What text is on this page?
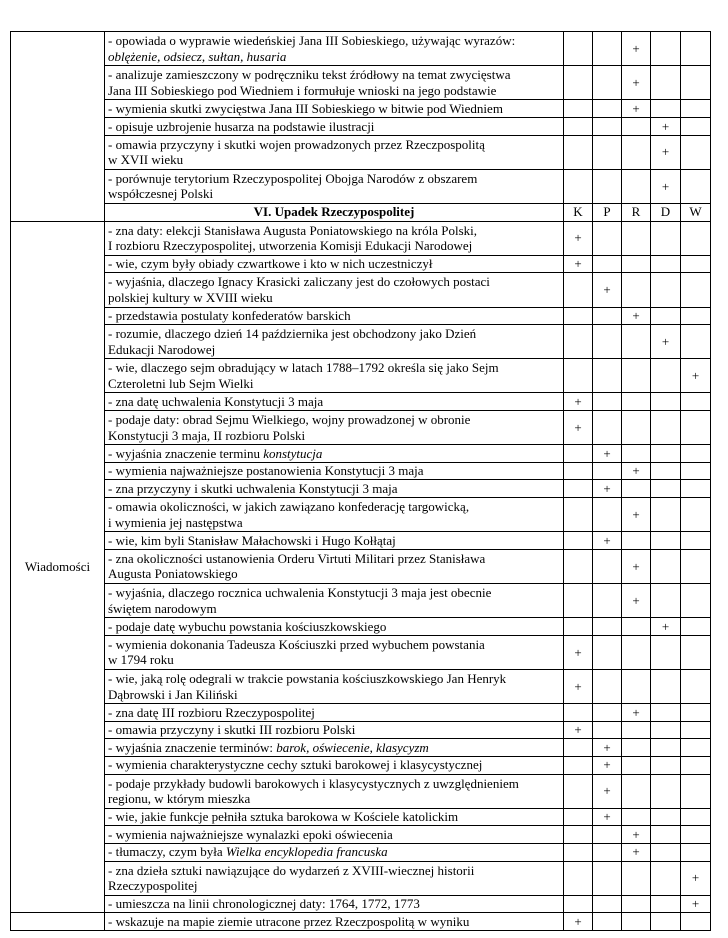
	- opowiada o wyprawie wiedeńskiej Jana III Sobieskiego, używając wyrazów:
oblężenie, odsiecz, sułtan, husaria			+		
	- analizuje zamieszczony w podręczniku tekst źródłowy na temat zwycięstwa
Jana III Sobieskiego pod Wiedniem i formułuje wnioski na jego podstawie			+		
	- wymienia skutki zwycięstwa Jana III Sobieskiego w bitwie pod Wiedniem			+		
	- opisuje uzbrojenie husarza na podstawie ilustracji				+	
	- omawia przyczyny i skutki wojen prowadzonych przez Rzeczpospolitą
w XVII wieku				+	
	- porównuje terytorium Rzeczypospolitej Obojga Narodów z obszarem
współczesnej Polski				+	
	VI. Upadek Rzeczypospolitej	K	P	R	D	W
Wiadomości	- zna daty: elekcji Stanisława Augusta Poniatowskiego na króla Polski,
I rozbioru Rzeczypospolitej, utworzenia Komisji Edukacji Narodowej	+				
	- wie, czym były obiady czwartkowe i kto w nich uczestniczył	+				
	- wyjaśnia, dlaczego Ignacy Krasicki zaliczany jest do czołowych postaci
polskiej kultury w XVIII wieku		+			
	- przedstawia postulaty konfederatów barskich			+		
	- rozumie, dlaczego dzień 14 października jest obchodzony jako Dzień
Edukacji Narodowej				+	
	- wie, dlaczego sejm obradujący w latach 1788–1792 określa się jako Sejm
Czteroletni lub Sejm Wielki					+
	- zna datę uchwalenia Konstytucji 3 maja	+				
	- podaje daty: obrad Sejmu Wielkiego, wojny prowadzonej w obronie
Konstytucji 3 maja, II rozbioru Polski	+				
	- wyjaśnia znaczenie terminu konstytucja		+			
	- wymienia najważniejsze postanowienia Konstytucji 3 maja			+		
	- zna przyczyny i skutki uchwalenia Konstytucji 3 maja		+			
	- omawia okoliczności, w jakich zawiązano konfederację targowicką,
i wymienia jej następstwa			+		
	- wie, kim byli Stanisław Małachowski i Hugo Kołłątaj		+			
	- zna okoliczności ustanowienia Orderu Virtuti Militari przez Stanisława
Augusta Poniatowskiego			+		
	- wyjaśnia, dlaczego rocznica uchwalenia Konstytucji 3 maja jest obecnie
świętem narodowym			+		
	- podaje datę wybuchu powstania kościuszkowskiego				+	
	- wymienia dokonania Tadeusza Kościuszki przed wybuchem powstania
w 1794 roku	+				
	- wie, jaką rolę odegrali w trakcie powstania kościuszkowskiego Jan Henryk
Dąbrowski i Jan Kiliński	+				
	- zna datę III rozbioru Rzeczypospolitej			+		
	- omawia przyczyny i skutki III rozbioru Polski	+				
	- wyjaśnia znaczenie terminów: barok, oświecenie, klasycyzm		+			
	- wymienia charakterystyczne cechy sztuki barokowej i klasycystycznej		+			
	- podaje przykłady budowli barokowych i klasycystycznych z uwzględnieniem
regionu, w którym mieszka		+			
	- wie, jakie funkcje pełniła sztuka barokowa w Kościele katolickim		+			
	- wymienia najważniejsze wynalazki epoki oświecenia			+		
	- tłumaczy, czym była Wielka encyklopedia francuska			+		
	- zna dzieła sztuki nawiązujące do wydarzeń z XVIII-wiecznej historii
Rzeczypospolitej					+
	- umieszcza na linii chronologicznej daty: 1764, 1772, 1773					+
	- wskazuje na mapie ziemie utracone przez Rzeczpospolitą w wyniku	+				
